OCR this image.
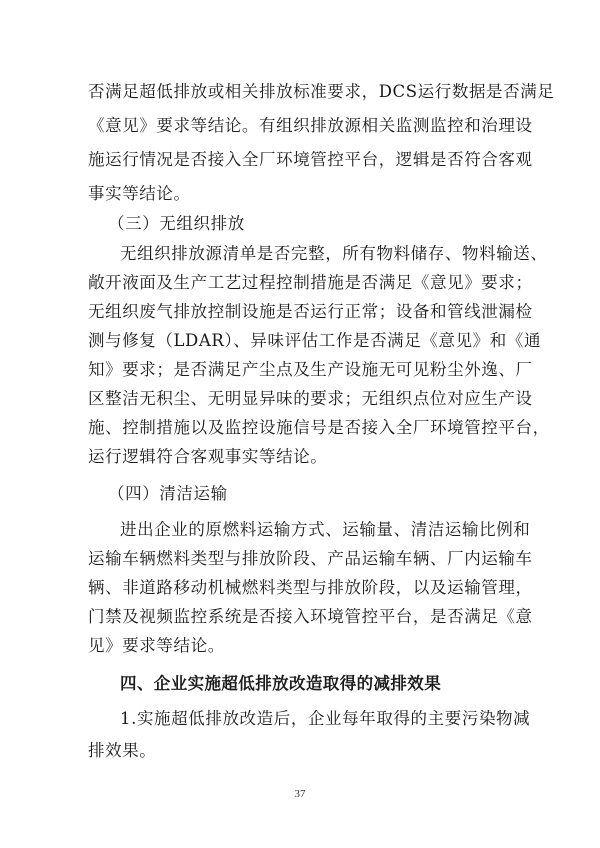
否满足超低排放或相关排放标准要求，DCS运行数据是否满足
《意见》要求等结论。有组织排放源相关监测监控和治理设
施运行情况是否接入全厂环境管控平台，逻辑是否符合客观
事实等结论。
（三）无组织排放
无组织排放源清单是否完整，所有物料储存、物料输送、
敞开液面及生产工艺过程控制措施是否满足《意见》要求；
无组织废气排放控制设施是否运行正常；设备和管线泄漏检
测与修复（LDAR）、异味评估工作是否满足《意见》和《通
知》要求；是否满足产尘点及生产设施无可见粉尘外逸、厂
区整洁无积尘、无明显异味的要求；无组织点位对应生产设
施、控制措施以及监控设施信号是否接入全厂环境管控平台，
运行逻辑符合客观事实等结论。
（四）清洁运输
进出企业的原燃料运输方式、运输量、清洁运输比例和
运输车辆燃料类型与排放阶段、产品运输车辆、厂内运输车
辆、非道路移动机械燃料类型与排放阶段，以及运输管理，
门禁及视频监控系统是否接入环境管控平台，是否满足《意
见》要求等结论。
四、企业实施超低排放改造取得的减排效果
1.实施超低排放改造后，企业每年取得的主要污染物减
排效果。
37
